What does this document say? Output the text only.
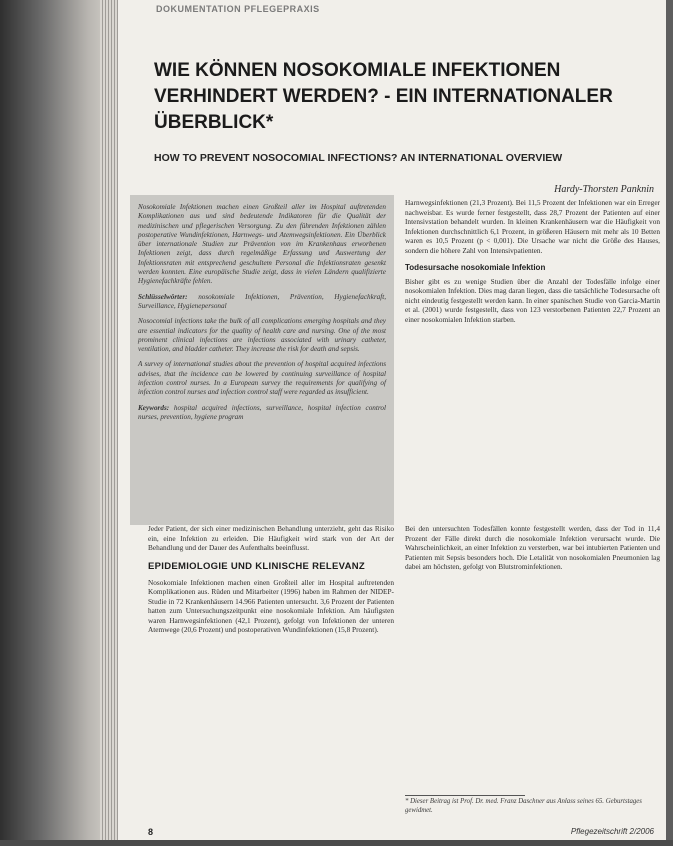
DOKUMENTATION PFLEGEPRAXIS
WIE KÖNNEN NOSOKOMIALE INFEKTIONEN VERHINDERT WERDEN? - EIN INTERNATIONALER ÜBERBLICK*
HOW TO PREVENT NOSOCOMIAL INFECTIONS? AN INTERNATIONAL OVERVIEW
Hardy-Thorsten Panknin

Nosokomiale Infektionen machen einen Großteil aller im Hospital auftretenden Komplikationen aus und sind bedeutende Indikatoren für die Qualität der medizinischen und pflegerischen Versorgung. Zu den führenden Infektionen zählen postoperative Wundinfektionen, Harnwegs- und Atemwegsinfektionen. Ein Überblick über internationale Studien zur Prävention von im Krankenhaus erworbenen Infektionen zeigt, dass durch regelmäßige Erfassung und Auswertung der Infektionsraten mit entsprechend geschultem Personal die Infektionsraten gesenkt werden konnten. Eine europäische Studie zeigt, dass in vielen Ländern qualifizierte Hygienefachkräfte fehlen.

Schlüsselwörter: nosokomiale Infektionen, Prävention, Hygienefachkraft, Surveillance, Hygienepersonal

Nosocomial infections take the bulk of all complications emerging hospitals and they are essential indicators for the quality of health care and nursing. One of the most prominent clinical infections are infections associated with urinary catheter, ventilation, and bladder catheter. They increase the risk for death and sepsis.

A survey of international studies about the prevention of hospital acquired infections advises, that the incidence can be lowered by continuing surveillance of hospital infection control nurses. In a European survey the requirements for qualifying of infection control nurses and infection control staff were regarded as insufficient.

Keywords: hospital acquired infections, surveillance, hospital infection control nurses, prevention, hygiene program

Harnwegsinfektionen (21,3 Prozent). Bei 11,5 Prozent der Infektionen war ein Erreger nachweisbar. Es wurde ferner festgestellt, dass 28,7 Prozent der Patienten auf einer Intensivstation behandelt wurden. In kleinen Krankenhäusern war die Häufigkeit von Infektionen durchschnittlich 6,1 Prozent, in größeren Häusern mit mehr als 10 Betten waren es 10,5 Prozent (p < 0,001). Die Ursache war nicht die Größe des Hauses, sondern die höhere Zahl von Intensivpatienten.

Todesursache nosokomiale Infektion

Bisher gibt es zu wenige Studien über die Anzahl der Todesfälle infolge einer nosokomialen Infektion. Dies mag daran liegen, dass die tatsächliche Todesursache oft nicht eindeutig festgestellt werden kann. In einer spanischen Studie von Garcia-Martin et al. (2001) wurde festgestellt, dass von 123 verstorbenen Patienten 22,7 Prozent an einer nosokomialen Infektion starben.

Jeder Patient, der sich einer medizinischen Behandlung unterzieht, geht das Risiko ein, eine Infektion zu erleiden. Die Häufigkeit wird stark von der Art der Behandlung und der Dauer des Aufenthalts beeinflusst.

EPIDEMIOLOGIE UND KLINISCHE RELEVANZ

Nosokomiale Infektionen machen einen Großteil aller im Hospital auftretenden Komplikationen aus. Rüden und Mitarbeiter (1996) haben im Rahmen der NIDEP-Studie in 72 Krankenhäusern 14.966 Patienten untersucht. 3,6 Prozent der Patienten hatten zum Untersuchungszeitpunkt eine nosokomiale Infektion. Am häufigsten waren Harnwegsinfektionen (42,1 Prozent), gefolgt von Infektionen der unteren Atemwege (20,6 Prozent) und postoperativen Wundinfektionen (15,8 Prozent).

Bei den untersuchten Todesfällen konnte festgestellt werden, dass der Tod in 11,4 Prozent der Fälle direkt durch die nosokomiale Infektion verursacht wurde. Die Wahrscheinlichkeit, an einer Infektion zu versterben, war bei intubierten Patienten und Patienten mit Sepsis besonders hoch. Die Letalität von nosokomialen Pneumonien lag dabei am höchsten, gefolgt von Blutstrominfektionen.

* Dieser Beitrag ist Prof. Dr. med. Franz Daschner aus Anlass seines 65. Geburtstages gewidmet.
8	Pflegezeitschrift 2/2006
